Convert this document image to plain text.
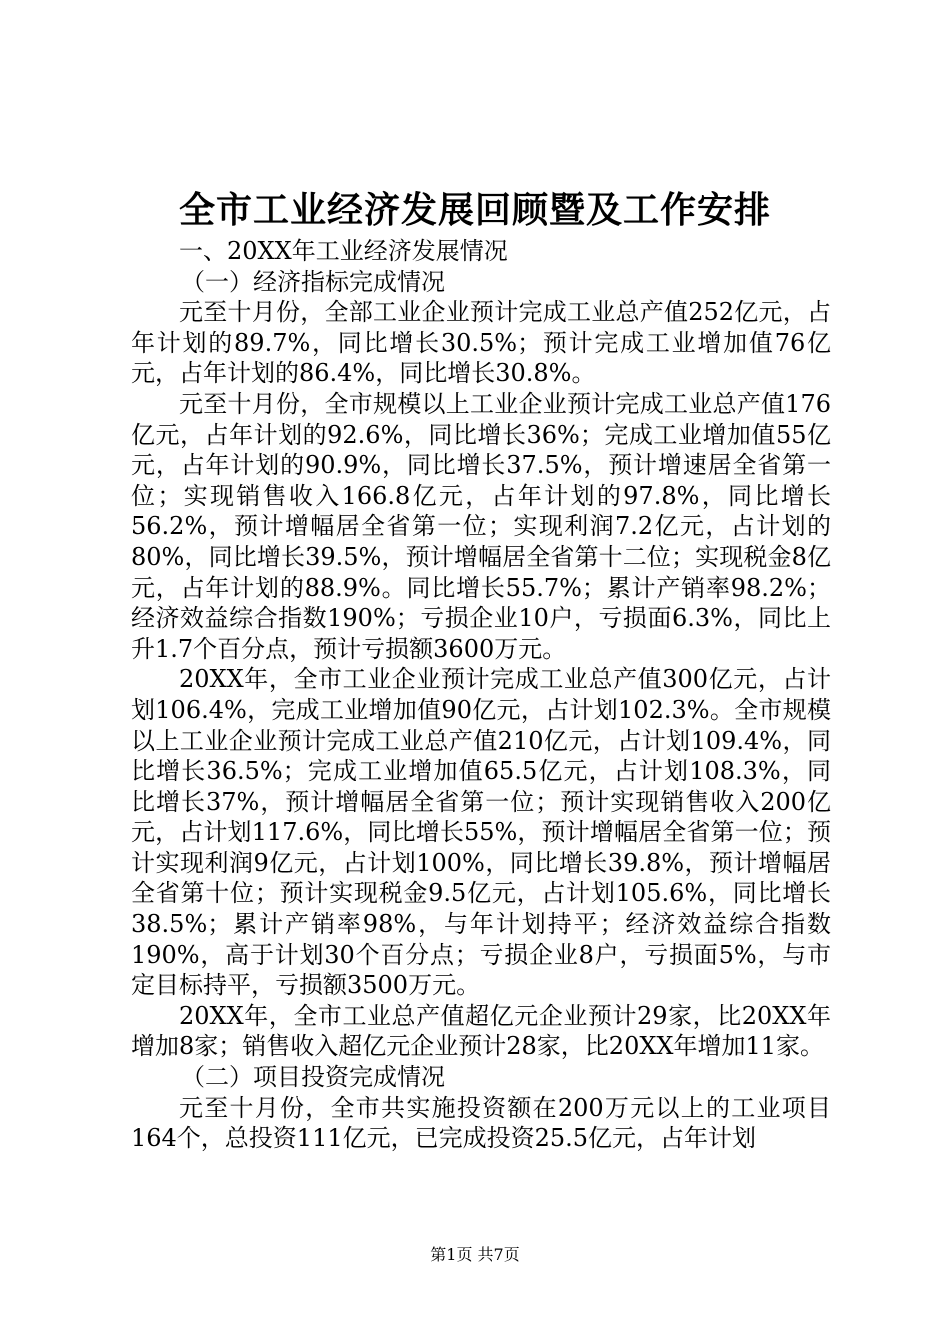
全市工业经济发展回顾暨及工作安排

一、20XX年工业经济发展情况

（一）经济指标完成情况

元至十月份，全部工业企业预计完成工业总产值252亿元，占年计划的89.7%，同比增长30.5%；预计完成工业增加值76亿元，占年计划的86.4%，同比增长30.8%。

元至十月份，全市规模以上工业企业预计完成工业总产值176亿元，占年计划的92.6%，同比增长36%；完成工业增加值55亿元，占年计划的90.9%，同比增长37.5%，预计增速居全省第一位；实现销售收入166.8亿元，占年计划的97.8%，同比增长56.2%，预计增幅居全省第一位；实现利润7.2亿元，占计划的80%，同比增长39.5%，预计增幅居全省第十二位；实现税金8亿元，占年计划的88.9%。同比增长55.7%；累计产销率98.2%；经济效益综合指数190%；亏损企业10户，亏损面6.3%，同比上升1.7个百分点，预计亏损额3600万元。

20XX年，全市工业企业预计完成工业总产值300亿元，占计划106.4%，完成工业增加值90亿元，占计划102.3%。全市规模以上工业企业预计完成工业总产值210亿元，占计划109.4%，同比增长36.5%；完成工业增加值65.5亿元，占计划108.3%，同比增长37%，预计增幅居全省第一位；预计实现销售收入200亿元，占计划117.6%，同比增长55%，预计增幅居全省第一位；预计实现利润9亿元，占计划100%，同比增长39.8%，预计增幅居全省第十位；预计实现税金9.5亿元，占计划105.6%，同比增长38.5%；累计产销率98%，与年计划持平；经济效益综合指数190%，高于计划30个百分点；亏损企业8户，亏损面5%，与市定目标持平，亏损额3500万元。

20XX年，全市工业总产值超亿元企业预计29家，比20XX年增加8家；销售收入超亿元企业预计28家，比20XX年增加11家。

（二）项目投资完成情况

元至十月份，全市共实施投资额在200万元以上的工业项目164个，总投资111亿元，已完成投资25.5亿元，占年计划

第1页 共7页
